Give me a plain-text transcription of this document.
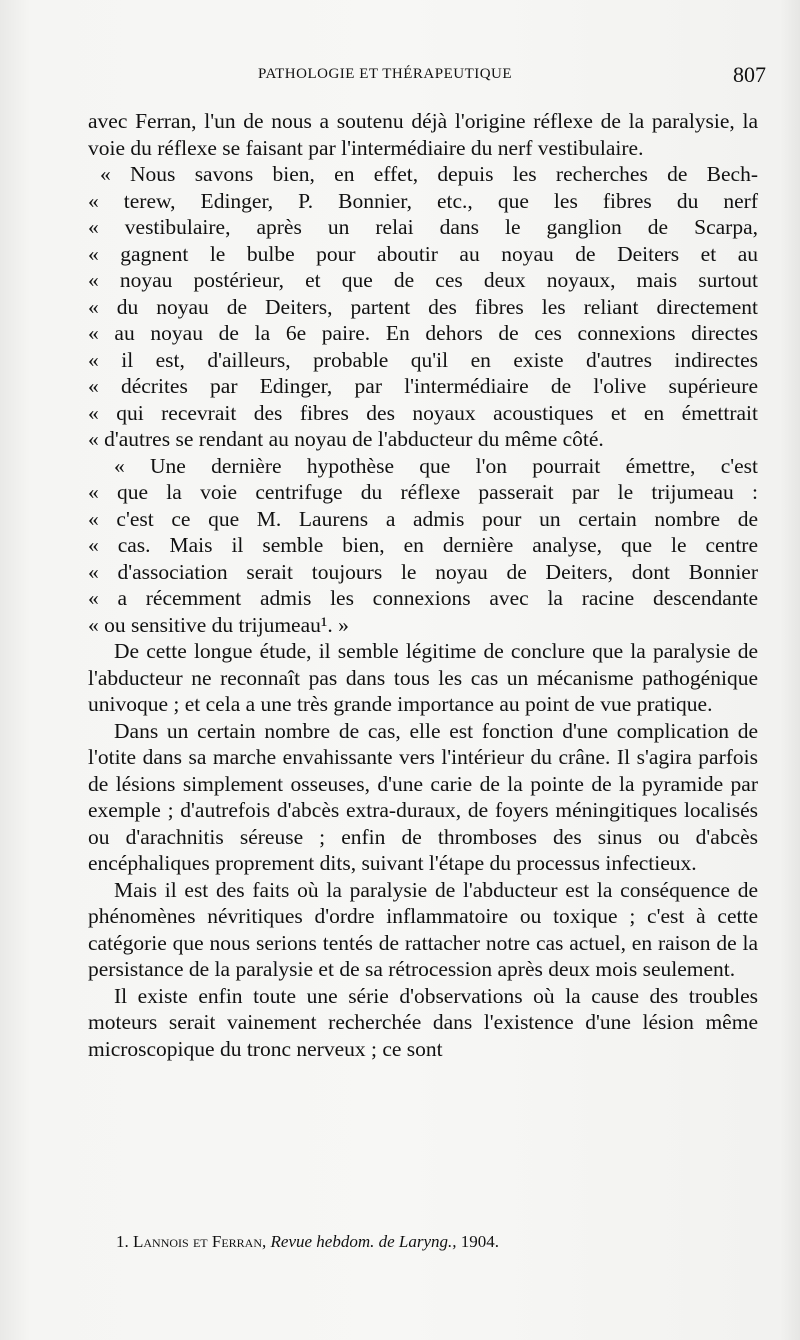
PATHOLOGIE ET THÉRAPEUTIQUE	807

avec Ferran, l'un de nous a soutenu déjà l'origine réflexe de la paralysie, la voie du réflexe se faisant par l'intermédiaire du nerf vestibulaire.

« Nous savons bien, en effet, depuis les recherches de Bech-
« terew, Edinger, P. Bonnier, etc., que les fibres du nerf
« vestibulaire, après un relai dans le ganglion de Scarpa,
« gagnent le bulbe pour aboutir au noyau de Deiters et au
« noyau postérieur, et que de ces deux noyaux, mais surtout
« du noyau de Deiters, partent des fibres les reliant directement
« au noyau de la 6e paire. En dehors de ces connexions directes
« il est, d'ailleurs, probable qu'il en existe d'autres indirectes
« décrites par Edinger, par l'intermédiaire de l'olive supérieure
« qui recevrait des fibres des noyaux acoustiques et en émettrait
« d'autres se rendant au noyau de l'abducteur du même côté.
« Une dernière hypothèse que l'on pourrait émettre, c'est
« que la voie centrifuge du réflexe passerait par le trijumeau :
« c'est ce que M. Laurens a admis pour un certain nombre de
« cas. Mais il semble bien, en dernière analyse, que le centre
« d'association serait toujours le noyau de Deiters, dont Bonnier
« a récemment admis les connexions avec la racine descendante
« ou sensitive du trijumeau¹. »

De cette longue étude, il semble légitime de conclure que la paralysie de l'abducteur ne reconnaît pas dans tous les cas un mécanisme pathogénique univoque ; et cela a une très grande importance au point de vue pratique.

Dans un certain nombre de cas, elle est fonction d'une complication de l'otite dans sa marche envahissante vers l'intérieur du crâne. Il s'agira parfois de lésions simplement osseuses, d'une carie de la pointe de la pyramide par exemple ; d'autrefois d'abcès extra-duraux, de foyers méningitiques localisés ou d'arachnitis séreuse ; enfin de thromboses des sinus ou d'abcès encéphaliques proprement dits, suivant l'étape du processus infectieux.

Mais il est des faits où la paralysie de l'abducteur est la conséquence de phénomènes névritiques d'ordre inflammatoire ou toxique ; c'est à cette catégorie que nous serions tentés de rattacher notre cas actuel, en raison de la persistance de la paralysie et de sa rétrocession après deux mois seulement.

Il existe enfin toute une série d'observations où la cause des troubles moteurs serait vainement recherchée dans l'existence d'une lésion même microscopique du tronc nerveux ; ce sont

1. Lannois et Ferran, Revue hebdom. de Laryng., 1904.
